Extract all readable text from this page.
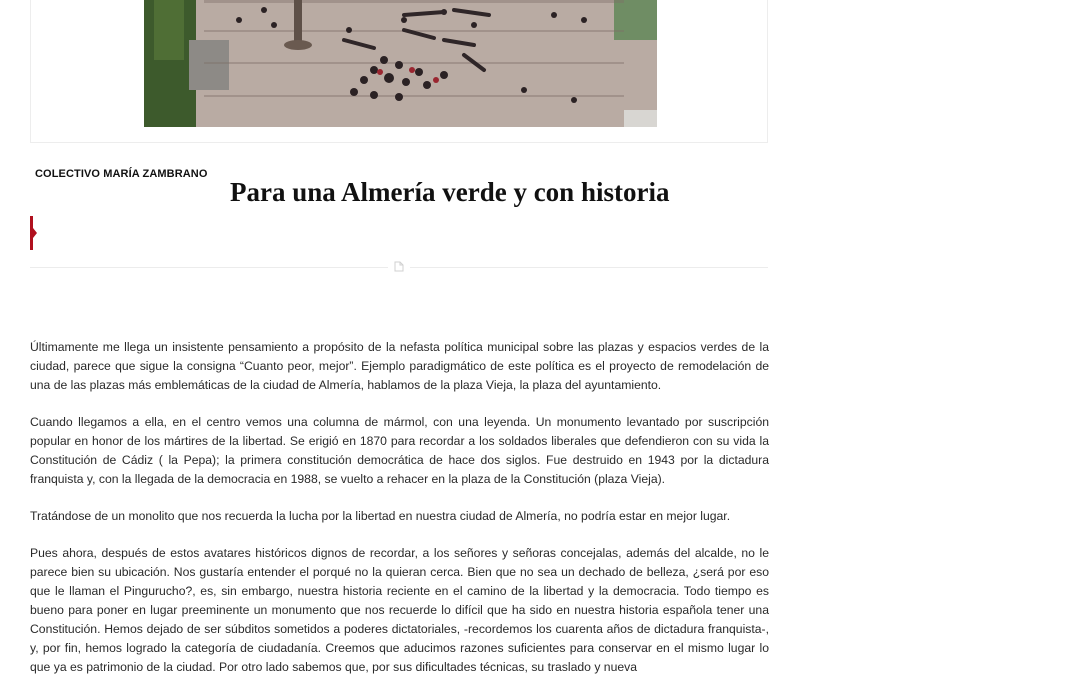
COLECTIVO MARÍA ZAMBRANO
Para una Almería verde y con historia

Últimamente me llega un insistente pensamiento a propósito de la nefasta política municipal sobre las plazas y espacios verdes de la ciudad, parece que sigue la consigna “Cuanto peor, mejor”. Ejemplo paradigmático de este política es el proyecto de remodelación de una de las plazas más emblemáticas de la ciudad de Almería, hablamos de la plaza Vieja, la plaza del ayuntamiento.

Cuando llegamos a ella, en el centro vemos una columna de mármol, con una leyenda. Un monumento levantado por suscripción popular en honor de los mártires de la libertad. Se erigió en 1870 para recordar a los soldados liberales que defendieron con su vida la Constitución de Cádiz ( la Pepa); la primera constitución democrática de hace dos siglos. Fue destruido en 1943 por la dictadura franquista y, con la llegada de la democracia en 1988, se vuelto a rehacer en la plaza de la Constitución (plaza Vieja).

Tratándose de un monolito que nos recuerda la lucha por la libertad en nuestra ciudad de Almería, no podría estar en mejor lugar.

Pues ahora, después de estos avatares históricos dignos de recordar, a los señores y señoras concejalas, además del alcalde, no le parece bien su ubicación. Nos gustaría entender el porqué no la quieran cerca. Bien que no sea un dechado de belleza, ¿será por eso que le llaman el Pingurucho?, es, sin embargo, nuestra historia reciente en el camino de la libertad y la democracia. Todo tiempo es bueno para poner en lugar preeminente un monumento que nos recuerde lo difícil que ha sido en nuestra historia española tener una Constitución. Hemos dejado de ser súbditos sometidos a poderes dictatoriales, -recordemos los cuarenta años de dictadura franquista-, y, por fin, hemos logrado la categoría de ciudadanía. Creemos que aducimos razones suficientes para conservar en el mismo lugar lo que ya es patrimonio de la ciudad. Por otro lado sabemos que, por sus dificultades técnicas, su traslado y nueva
